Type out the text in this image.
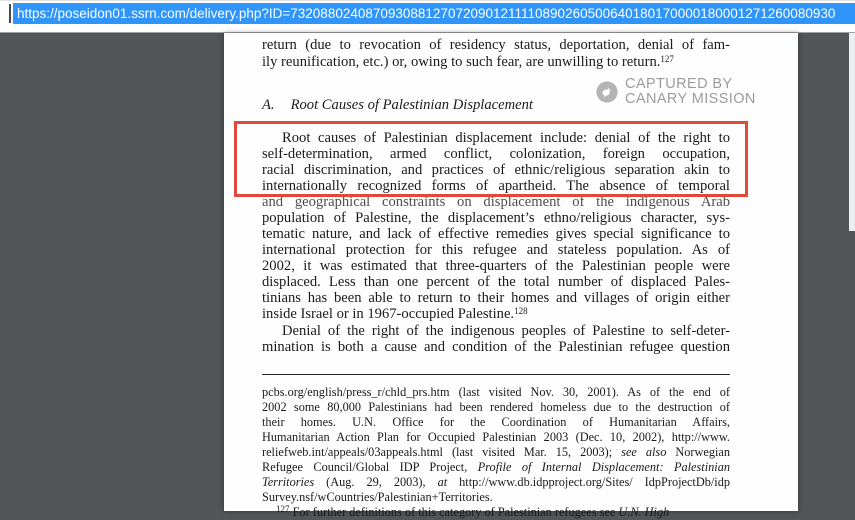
https://poseidon01.ssrn.com/delivery.php?ID=7320880240870930881270720901211110890260500640180170000180001271260080930
return (due to revocation of residency status, deportation, denial of fam-
ily reunification, etc.) or, owing to such fear, are unwilling to return.$^{127}$
CAPTURED BY
CANARY MISSION
A. Root Causes of Palestinian Displacement
Root causes of Palestinian displacement include: denial of the right to
self-determination, armed conflict, colonization, foreign occupation,
racial discrimination, and practices of ethnic/religious separation akin to
internationally recognized forms of apartheid. The absence of temporal
and geographical constraints on displacement of the indigenous Arab
population of Palestine, the displacement’s ethno/religious character, sys-
tematic nature, and lack of effective remedies gives special significance to
international protection for this refugee and stateless population. As of
2002, it was estimated that three-quarters of the Palestinian people were
displaced. Less than one percent of the total number of displaced Pales-
tinians has been able to return to their homes and villages of origin either
inside Israel or in 1967-occupied Palestine.$^{128}$
Denial of the right of the indigenous peoples of Palestine to self-deter-
mination is both a cause and condition of the Palestinian refugee question
pcbs.org/english/press_r/chld_prs.htm (last visited Nov. 30, 2001). As of the end of
2002 some 80,000 Palestinians had been rendered homeless due to the destruction of
their homes. U.N. Office for the Coordination of Humanitarian Affairs,
Humanitarian Action Plan for Occupied Palestinian 2003 (Dec. 10, 2002), http://www.
reliefweb.int/appeals/03appeals.html (last visited Mar. 15, 2003); see also Norwegian
Refugee Council/Global IDP Project, Profile of Internal Displacement: Palestinian
Territories (Aug. 29, 2003), at http://www.db.idpproject.org/Sites/ IdpProjectDb/idp
Survey.nsf/wCountries/Palestinian+Territories.
$^{127}$ For further definitions of this category of Palestinian refugees see U.N. High
